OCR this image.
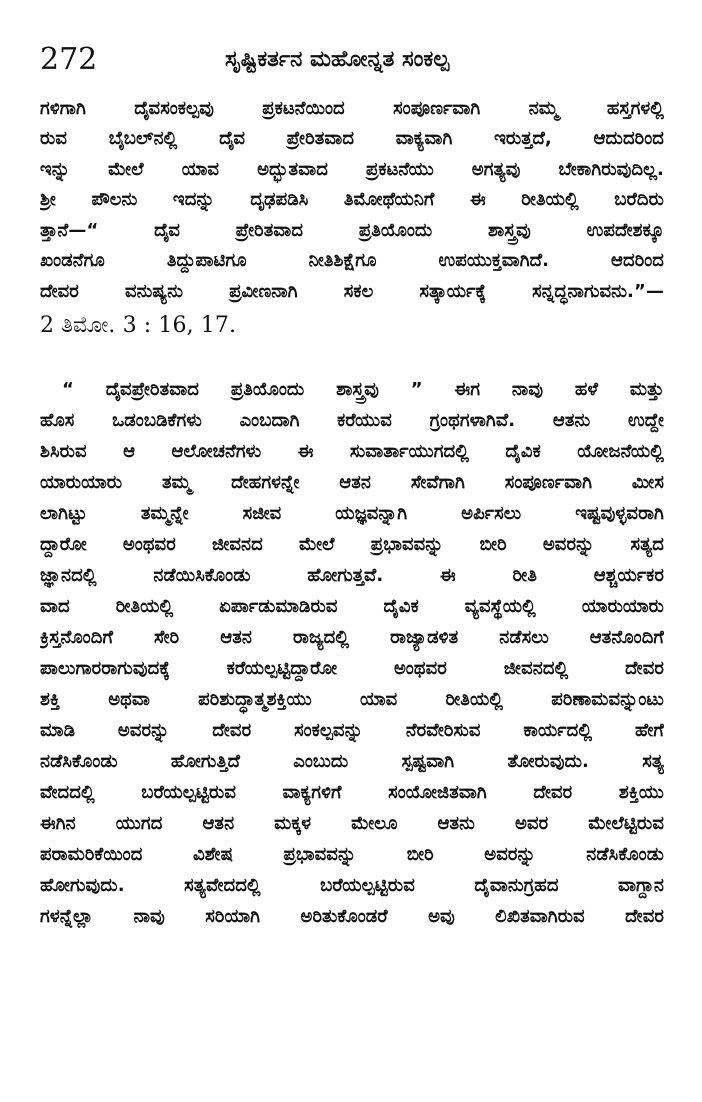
272	ಸೃಷ್ಟಿಕರ್ತನ ಮಹೋನ್ನತ ಸಂಕಲ್ಪ
ಗಳಿಗಾಗಿ ದೈವಸಂಕಲ್ಪವು ಪ್ರಕಟನೆಯಿಂದ ಸಂಪೂರ್ಣವಾಗಿ ನಮ್ಮ ಹಸ್ತಗಳಲ್ಲಿ
ರುವ ಬೈಬಲ್‌ನಲ್ಲಿ ದೈವ ಪ್ರೇರಿತವಾದ ವಾಕ್ಯವಾಗಿ ಇರುತ್ತದೆ, ಆದುದರಿಂದ
ಇನ್ನು ಮೇಲೆ ಯಾವ ಅದ್ಭುತವಾದ ಪ್ರಕಟನೆಯು ಅಗತ್ಯವು ಬೇಕಾಗಿರುವುದಿಲ್ಲ.
ಶ್ರೀ ಪೌಲನು ಇದನ್ನು ದೃಢಪಡಿಸಿ ತಿಮೋಥೆಯನಿಗೆ ಈ ರೀತಿಯಲ್ಲಿ ಬರೆದಿರು
ತ್ತಾನೆ—“ ದೈವ ಪ್ರೇರಿತವಾದ ಪ್ರತಿಯೊಂದು ಶಾಸ್ತ್ರವು ಉಪದೇಶಕ್ಕೂ
ಖಂಡನೆಗೂ ತಿದ್ದುಪಾಟಿಗೂ ನೀತಿಶಿಕ್ಷೆಗೂ ಉಪಯುಕ್ತವಾಗಿದೆ. ಆದರಿಂದ
ದೇವರ ವನುಷ್ಯನು ಪ್ರವೀಣನಾಗಿ ಸಕಲ ಸತ್ಕಾರ್ಯಕ್ಕೆ ಸನ್ನದ್ಧನಾಗುವನು.”—
2 ತಿಮೋ. 3 : 16, 17.
“ ದೈವಪ್ರೇರಿತವಾದ ಪ್ರತಿಯೊಂದು ಶಾಸ್ತ್ರವು ” ಈಗ ನಾವು ಹಳೆ ಮತ್ತು
ಹೊಸ ಒಡಂಬಡಿಕೆಗಳು ಎಂಬದಾಗಿ ಕರೆಯುವ ಗ್ರಂಥಗಳಾಗಿವೆ. ಆತನು ಉದ್ದೇ
ಶಿಸಿರುವ ಆ ಆಲೋಚನೆಗಳು ಈ ಸುವಾರ್ತಾಯುಗದಲ್ಲಿ ದೈವಿಕ ಯೋಜನೆಯಲ್ಲಿ
ಯಾರುಯಾರು ತಮ್ಮ ದೇಹಗಳನ್ನೇ ಆತನ ಸೇವೆಗಾಗಿ ಸಂಪೂರ್ಣವಾಗಿ ಮೀಸ
ಲಾಗಿಟ್ಟು ತಮ್ಮನ್ನೇ ಸಜೀವ ಯಜ್ಞವನ್ನಾಗಿ ಅರ್ಪಿಸಲು ಇಷ್ಟವುಳ್ಳವರಾಗಿ
ದ್ದಾರೋ ಅಂಥವರ ಜೀವನದ ಮೇಲೆ ಪ್ರಭಾವವನ್ನು ಬೀರಿ ಅವರನ್ನು ಸತ್ಯದ
ಜ್ಞಾನದಲ್ಲಿ ನಡೆಯಿಸಿಕೊಂಡು ಹೋಗುತ್ತವೆ. ಈ ರೀತಿ ಆಶ್ಚರ್ಯಕರ
ವಾದ ರೀತಿಯಲ್ಲಿ ಏರ್ಪಾಡುಮಾಡಿರುವ ದೈವಿಕ ವ್ಯವಸ್ಥೆಯಲ್ಲಿ ಯಾರುಯಾರು
ಕ್ರಿಸ್ತನೊಂದಿಗೆ ಸೇರಿ ಆತನ ರಾಜ್ಯದಲ್ಲಿ ರಾಜ್ಯಾಡಳಿತ ನಡೆಸಲು ಆತನೊಂದಿಗೆ
ಪಾಲುಗಾರರಾಗುವುದಕ್ಕೆ ಕರೆಯಲ್ಪಟ್ಟಿದ್ದಾರೋ ಅಂಥವರ ಜೀವನದಲ್ಲಿ ದೇವರ
ಶಕ್ತಿ ಅಥವಾ ಪರಿಶುದ್ಧಾತ್ಮಶಕ್ತಿಯು ಯಾವ ರೀತಿಯಲ್ಲಿ ಪರಿಣಾಮವನ್ನುಂಟು
ಮಾಡಿ ಅವರನ್ನು ದೇವರ ಸಂಕಲ್ಪವನ್ನು ನೆರವೇರಿಸುವ ಕಾರ್ಯದಲ್ಲಿ ಹೇಗೆ
ನಡೆಸಿಕೊಂಡು ಹೋಗುತ್ತಿದೆ ಎಂಬುದು ಸ್ಪಷ್ಟವಾಗಿ ತೋರುವುದು. ಸತ್ಯ
ವೇದದಲ್ಲಿ ಬರೆಯಲ್ಪಟ್ಟಿರುವ ವಾಕ್ಯಗಳಿಗೆ ಸಂಯೋಜಿತವಾಗಿ ದೇವರ ಶಕ್ತಿಯು
ಈಗಿನ ಯುಗದ ಆತನ ಮಕ್ಕಳ ಮೇಲೂ ಆತನು ಅವರ ಮೇಲೆಟ್ಟಿರುವ
ಪರಾಮರಿಕೆಯಿಂದ ವಿಶೇಷ ಪ್ರಭಾವವನ್ನು ಬೀರಿ ಅವರನ್ನು ನಡೆಸಿಕೊಂಡು
ಹೋಗುವುದು. ಸತ್ಯವೇದದಲ್ಲಿ ಬರೆಯಲ್ಪಟ್ಟಿರುವ ದೈವಾನುಗ್ರಹದ ವಾಗ್ದಾನ
ಗಳನ್ನೆಲ್ಲಾ ನಾವು ಸರಿಯಾಗಿ ಅರಿತುಕೊಂಡರೆ ಅವು ಲಿಖಿತವಾಗಿರುವ ದೇವರ
